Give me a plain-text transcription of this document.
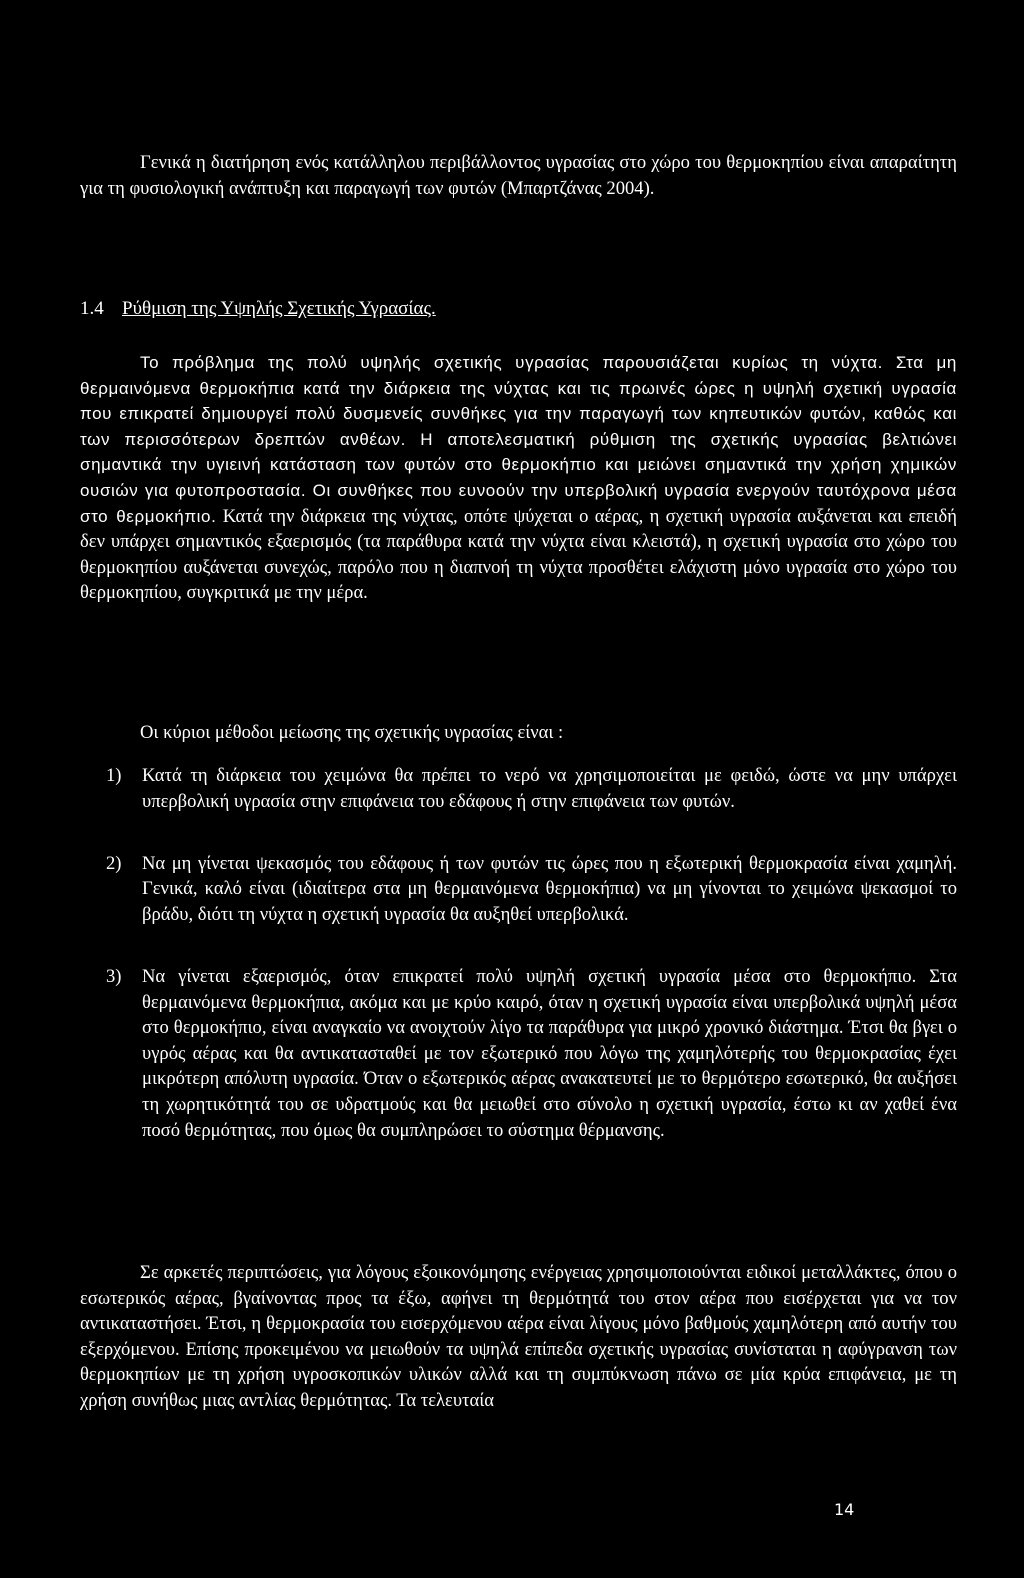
Γενικά η διατήρηση ενός κατάλληλου περιβάλλοντος υγρασίας στο χώρο του θερμοκηπίου είναι απαραίτητη για τη φυσιολογική ανάπτυξη και παραγωγή των φυτών (Μπαρτζάνας 2004).

1.4 Ρύθμιση της Υψηλής Σχετικής Υγρασίας.

Το πρόβλημα της πολύ υψηλής σχετικής υγρασίας παρουσιάζεται κυρίως τη νύχτα. Στα μη θερμαινόμενα θερμοκήπια κατά την διάρκεια της νύχτας και τις πρωινές ώρες η υψηλή σχετική υγρασία που επικρατεί δημιουργεί πολύ δυσμενείς συνθήκες για την παραγωγή των κηπευτικών φυτών, καθώς και των περισσότερων δρεπτών ανθέων. Η αποτελεσματική ρύθμιση της σχετικής υγρασίας βελτιώνει σημαντικά την υγιεινή κατάσταση των φυτών στο θερμοκήπιο και μειώνει σημαντικά την χρήση χημικών ουσιών για φυτοπροστασία. Οι συνθήκες που ευνοούν την υπερβολική υγρασία ενεργούν ταυτόχρονα μέσα στο θερμοκήπιο. Κατά την διάρκεια της νύχτας, οπότε ψύχεται ο αέρας, η σχετική υγρασία αυξάνεται και επειδή δεν υπάρχει σημαντικός εξαερισμός (τα παράθυρα κατά την νύχτα είναι κλειστά), η σχετική υγρασία στο χώρο του θερμοκηπίου αυξάνεται συνεχώς, παρόλο που η διαπνοή τη νύχτα προσθέτει ελάχιστη μόνο υγρασία στο χώρο του θερμοκηπίου, συγκριτικά με την μέρα.

Οι κύριοι μέθοδοι μείωσης της σχετικής υγρασίας είναι :

1) Κατά τη διάρκεια του χειμώνα θα πρέπει το νερό να χρησιμοποιείται με φειδώ, ώστε να μην υπάρχει υπερβολική υγρασία στην επιφάνεια του εδάφους ή στην επιφάνεια των φυτών.
2) Να μη γίνεται ψεκασμός του εδάφους ή των φυτών τις ώρες που η εξωτερική θερμοκρασία είναι χαμηλή. Γενικά, καλό είναι (ιδιαίτερα στα μη θερμαινόμενα θερμοκήπια) να μη γίνονται το χειμώνα ψεκασμοί το βράδυ, διότι τη νύχτα η σχετική υγρασία θα αυξηθεί υπερβολικά.
3) Να γίνεται εξαερισμός, όταν επικρατεί πολύ υψηλή σχετική υγρασία μέσα στο θερμοκήπιο. Στα θερμαινόμενα θερμοκήπια, ακόμα και με κρύο καιρό, όταν η σχετική υγρασία είναι υπερβολικά υψηλή μέσα στο θερμοκήπιο, είναι αναγκαίο να ανοιχτούν λίγο τα παράθυρα για μικρό χρονικό διάστημα. Έτσι θα βγει ο υγρός αέρας και θα αντικατασταθεί με τον εξωτερικό που λόγω της χαμηλότερής του θερμοκρασίας έχει μικρότερη απόλυτη υγρασία. Όταν ο εξωτερικός αέρας ανακατευτεί με το θερμότερο εσωτερικό, θα αυξήσει τη χωρητικότητά του σε υδρατμούς και θα μειωθεί στο σύνολο η σχετική υγρασία, έστω κι αν χαθεί ένα ποσό θερμότητας, που όμως θα συμπληρώσει το σύστημα θέρμανσης.

Σε αρκετές περιπτώσεις, για λόγους εξοικονόμησης ενέργειας χρησιμοποιούνται ειδικοί μεταλλάκτες, όπου ο εσωτερικός αέρας, βγαίνοντας προς τα έξω, αφήνει τη θερμότητά του στον αέρα που εισέρχεται για να τον αντικαταστήσει. Έτσι, η θερμοκρασία του εισερχόμενου αέρα είναι λίγους μόνο βαθμούς χαμηλότερη από αυτήν του εξερχόμενου. Επίσης προκειμένου να μειωθούν τα υψηλά επίπεδα σχετικής υγρασίας συνίσταται η αφύγρανση των θερμοκηπίων με τη χρήση υγροσκοπικών υλικών αλλά και τη συμπύκνωση πάνω σε μία κρύα επιφάνεια, με τη χρήση συνήθως μιας αντλίας θερμότητας. Τα τελευταία

14
